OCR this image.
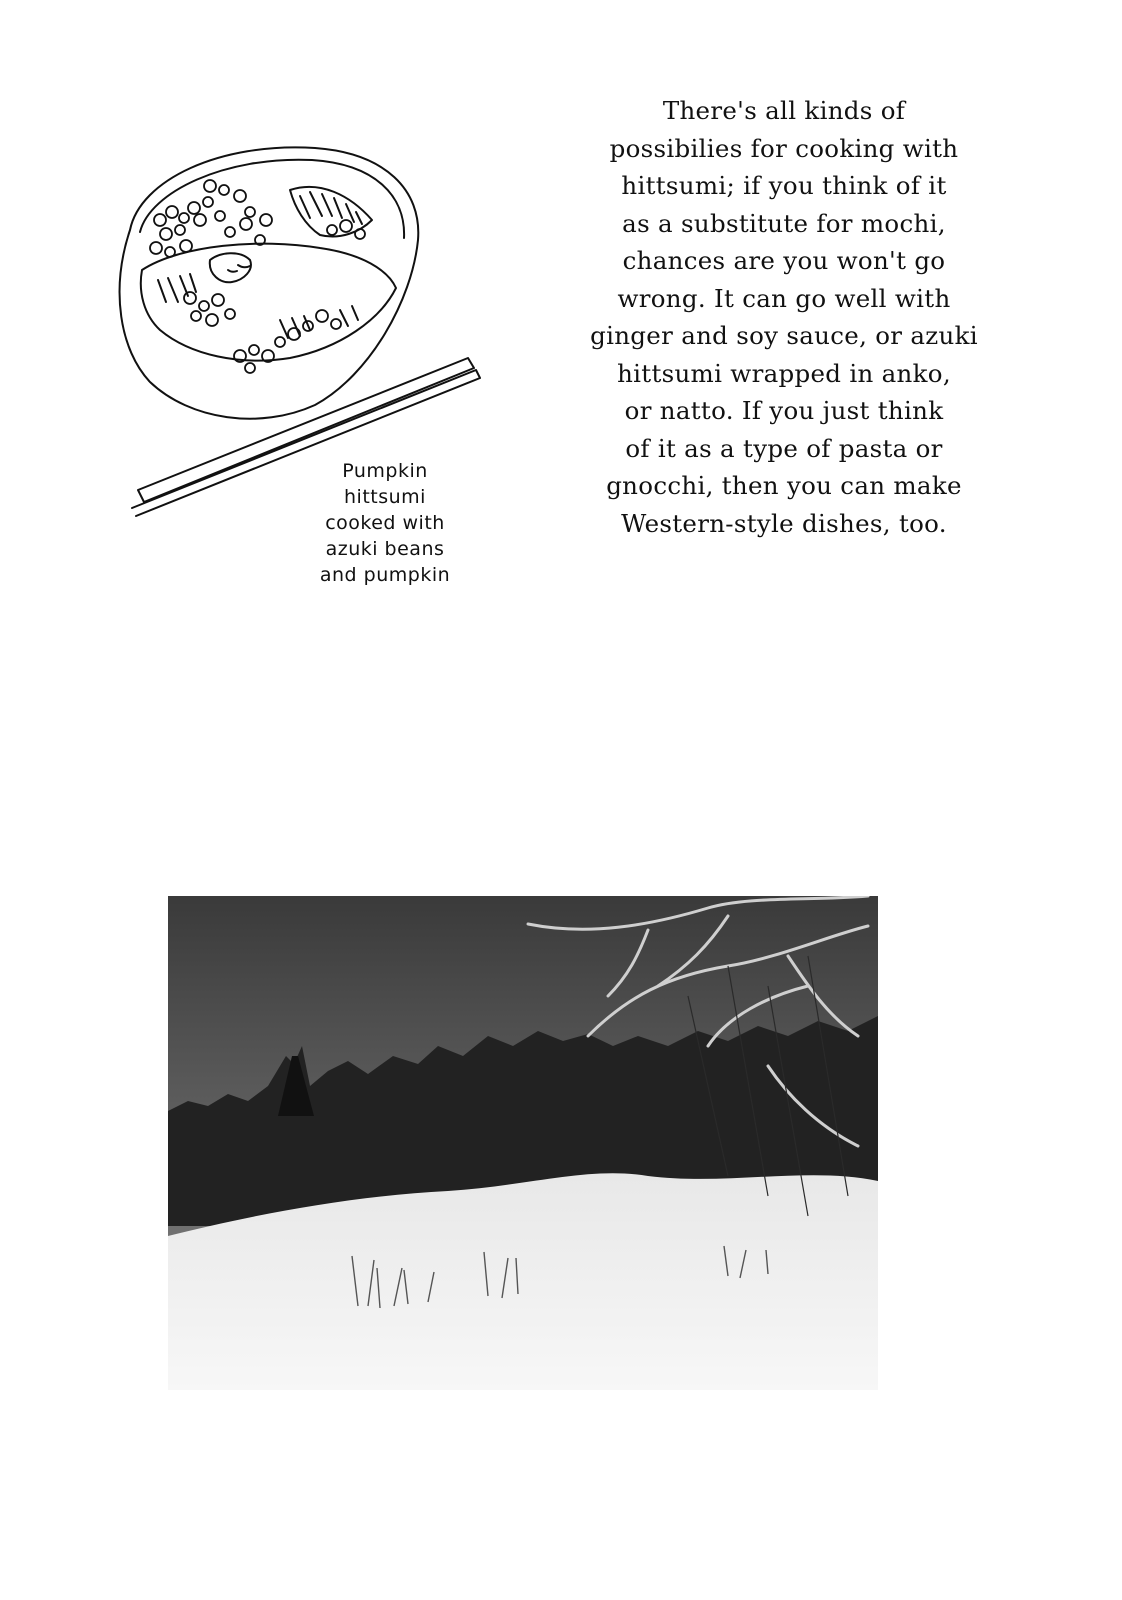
Pumpkin
hittsumi
cooked with
azuki beans
and pumpkin
There's all kinds of
possibilies for cooking with
hittsumi; if you think of it
as a substitute for mochi,
chances are you won't go
wrong. It can go well with
ginger and soy sauce, or azuki
hittsumi wrapped in anko,
or natto. If you just think
of it as a type of pasta or
gnocchi, then you can make
Western-style dishes, too.
